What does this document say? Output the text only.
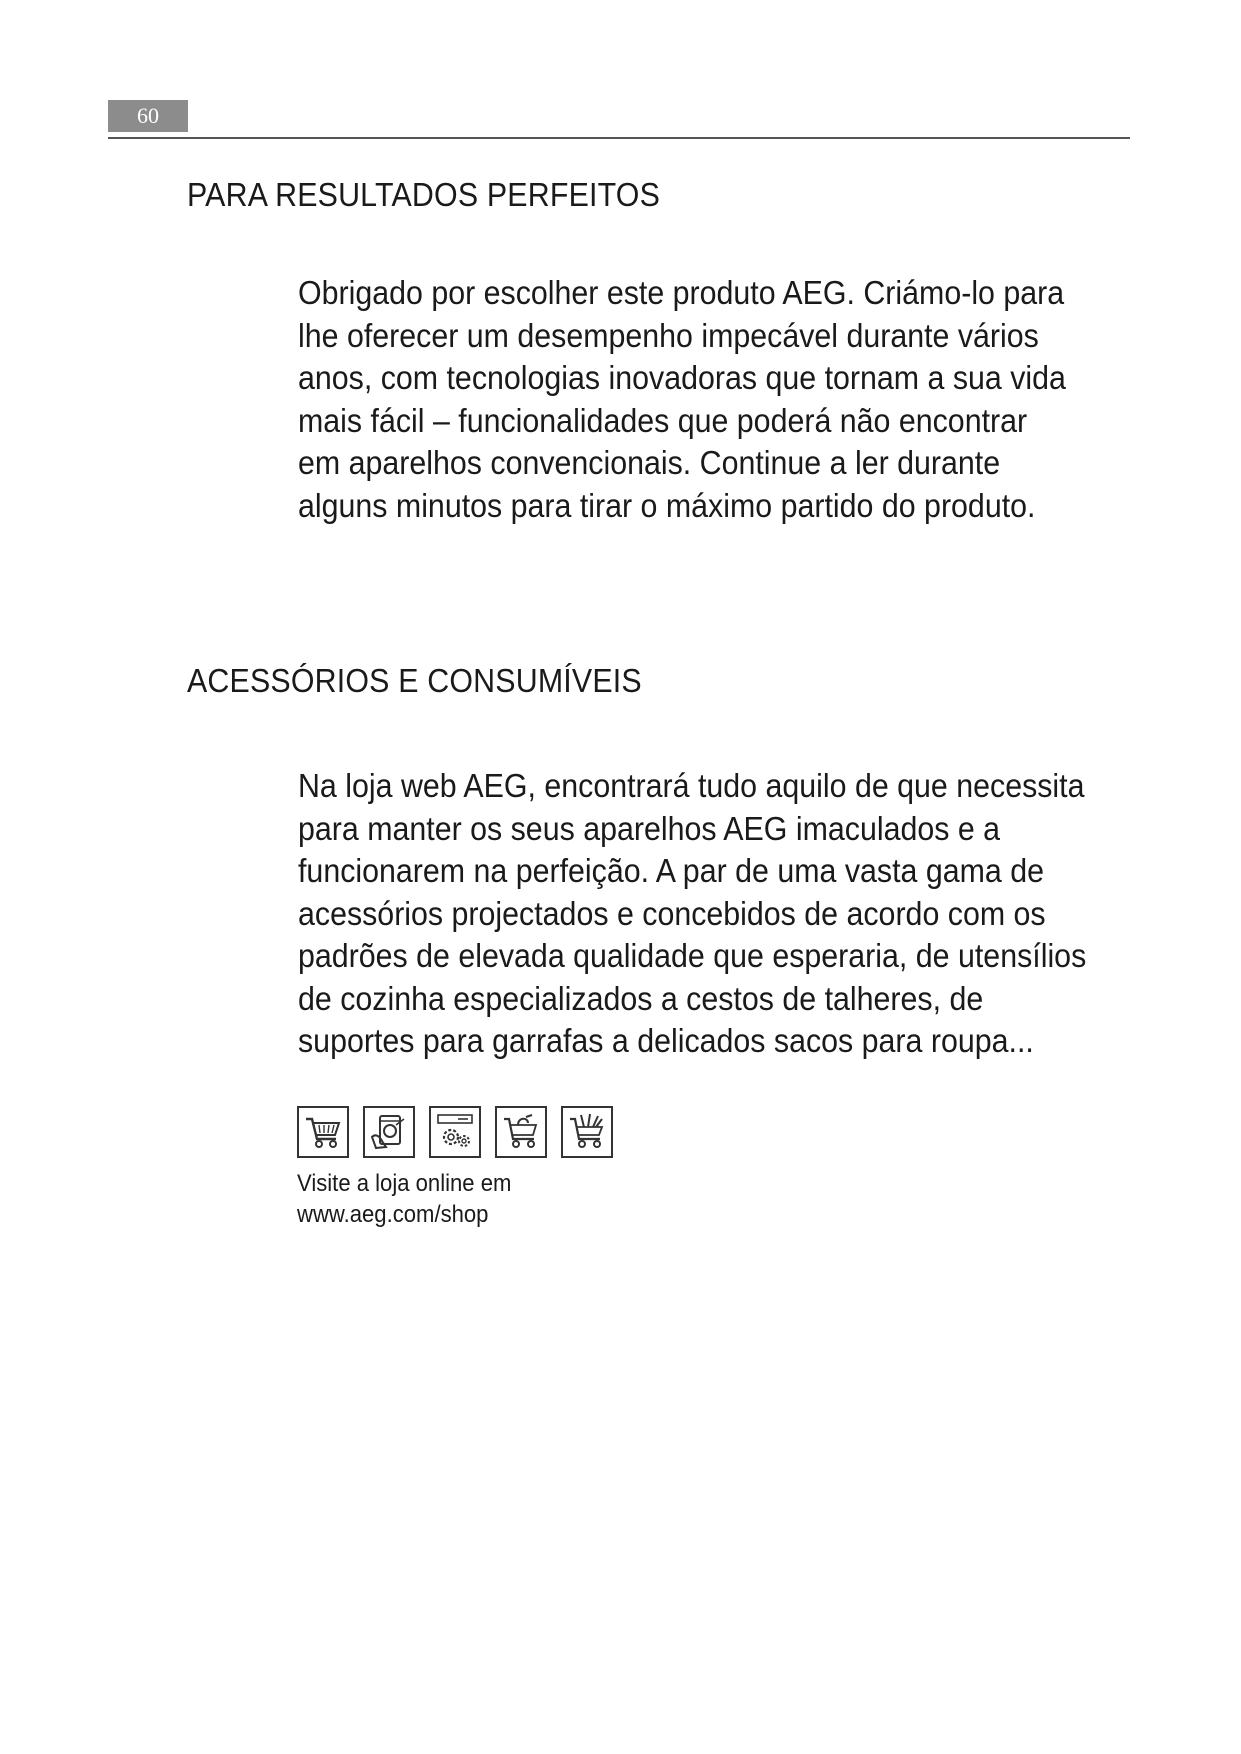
60
PARA RESULTADOS PERFEITOS

Obrigado por escolher este produto AEG. Criámo-lo para
lhe oferecer um desempenho impecável durante vários
anos, com tecnologias inovadoras que tornam a sua vida
mais fácil – funcionalidades que poderá não encontrar
em aparelhos convencionais. Continue a ler durante
alguns minutos para tirar o máximo partido do produto.

ACESSÓRIOS E CONSUMÍVEIS

Na loja web AEG, encontrará tudo aquilo de que necessita
para manter os seus aparelhos AEG imaculados e a
funcionarem na perfeição. A par de uma vasta gama de
acessórios projectados e concebidos de acordo com os
padrões de elevada qualidade que esperaria, de utensílios
de cozinha especializados a cestos de talheres, de
suportes para garrafas a delicados sacos para roupa...

Visite a loja online em
www.aeg.com/shop
